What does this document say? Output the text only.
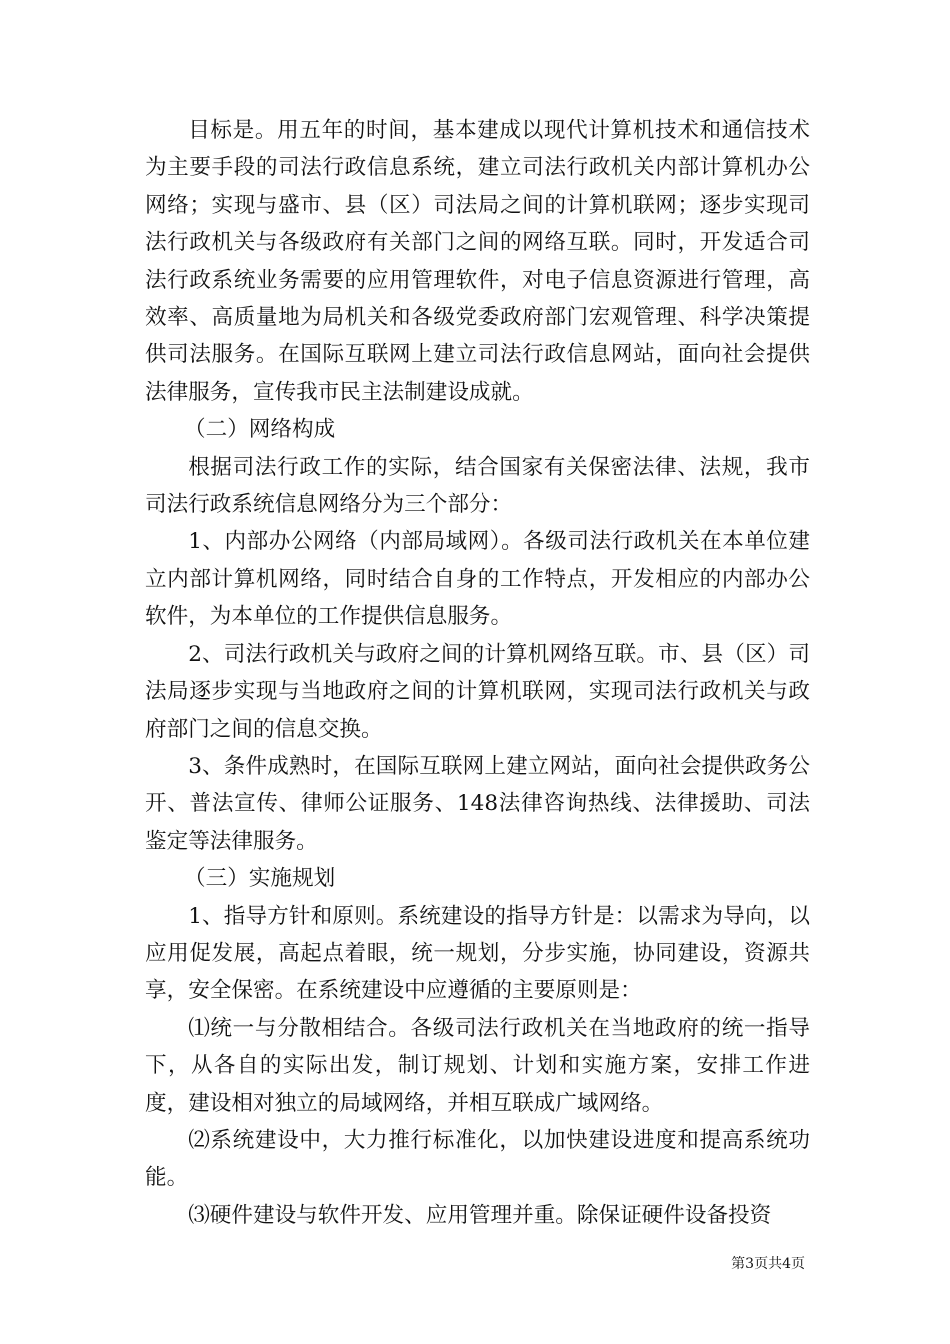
目标是。用五年的时间，基本建成以现代计算机技术和通信技术为主要手段的司法行政信息系统，建立司法行政机关内部计算机办公网络；实现与盛市、县（区）司法局之间的计算机联网；逐步实现司法行政机关与各级政府有关部门之间的网络互联。同时，开发适合司法行政系统业务需要的应用管理软件，对电子信息资源进行管理，高效率、高质量地为局机关和各级党委政府部门宏观管理、科学决策提供司法服务。在国际互联网上建立司法行政信息网站，面向社会提供法律服务，宣传我市民主法制建设成就。

（二）网络构成

根据司法行政工作的实际，结合国家有关保密法律、法规，我市司法行政系统信息网络分为三个部分：

1、内部办公网络（内部局域网）。各级司法行政机关在本单位建立内部计算机网络，同时结合自身的工作特点，开发相应的内部办公软件，为本单位的工作提供信息服务。

2、司法行政机关与政府之间的计算机网络互联。市、县（区）司法局逐步实现与当地政府之间的计算机联网，实现司法行政机关与政府部门之间的信息交换。

3、条件成熟时，在国际互联网上建立网站，面向社会提供政务公开、普法宣传、律师公证服务、148法律咨询热线、法律援助、司法鉴定等法律服务。

（三）实施规划

1、指导方针和原则。系统建设的指导方针是：以需求为导向，以应用促发展，高起点着眼，统一规划，分步实施，协同建设，资源共享，安全保密。在系统建设中应遵循的主要原则是：

⑴统一与分散相结合。各级司法行政机关在当地政府的统一指导下，从各自的实际出发，制订规划、计划和实施方案，安排工作进度，建设相对独立的局域网络，并相互联成广域网络。

⑵系统建设中，大力推行标准化，以加快建设进度和提高系统功能。

⑶硬件建设与软件开发、应用管理并重。除保证硬件设备投资

第3页共4页
